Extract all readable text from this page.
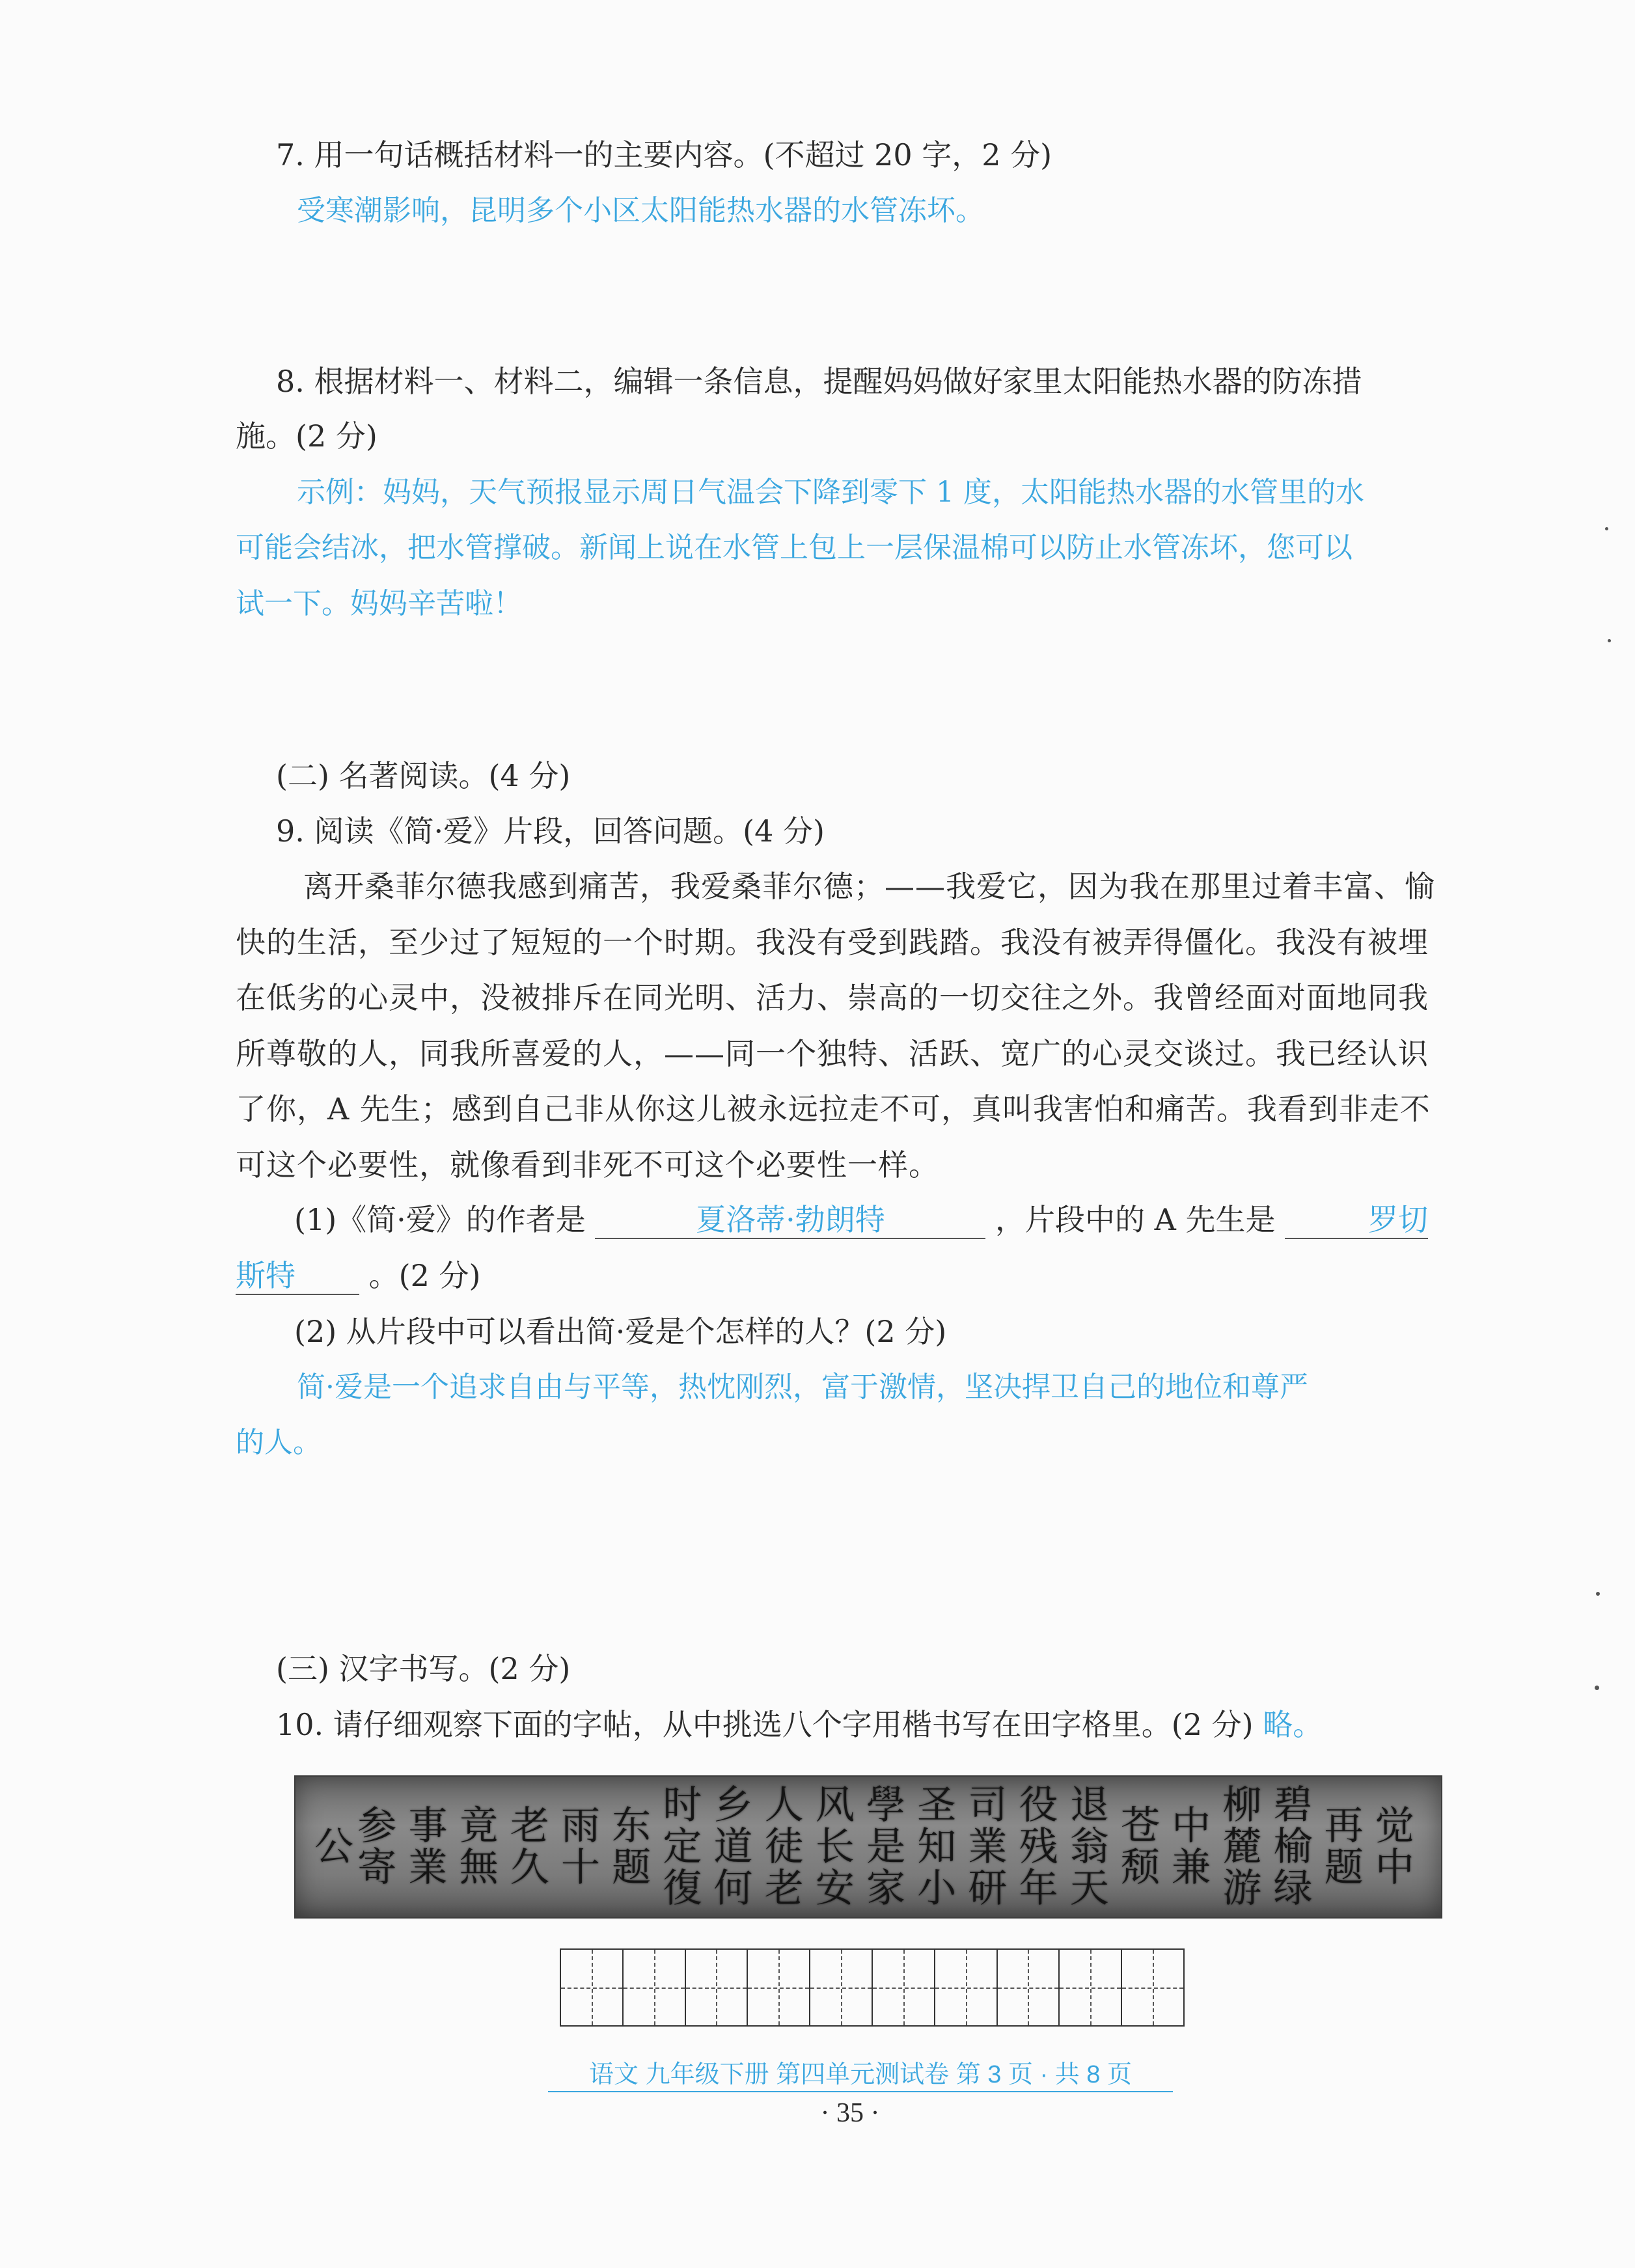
7. 用一句话概括材料一的主要内容。(不超过 20 字，2 分)
受寒潮影响，昆明多个小区太阳能热水器的水管冻坏。
8. 根据材料一、材料二，编辑一条信息，提醒妈妈做好家里太阳能热水器的防冻措
施。(2 分)
示例：妈妈，天气预报显示周日气温会下降到零下 1 度，太阳能热水器的水管里的水
可能会结冰，把水管撑破。新闻上说在水管上包上一层保温棉可以防止水管冻坏，您可以
试一下。妈妈辛苦啦！
(二) 名著阅读。(4 分)
9. 阅读《简·爱》片段，回答问题。(4 分)
离开桑菲尔德我感到痛苦，我爱桑菲尔德；——我爱它，因为我在那里过着丰富、愉
快的生活，至少过了短短的一个时期。我没有受到践踏。我没有被弄得僵化。我没有被埋
在低劣的心灵中，没被排斥在同光明、活力、崇高的一切交往之外。我曾经面对面地同我
所尊敬的人，同我所喜爱的人，——同一个独特、活跃、宽广的心灵交谈过。我已经认识
了你，A 先生；感到自己非从你这儿被永远拉走不可，真叫我害怕和痛苦。我看到非走不
可这个必要性，就像看到非死不可这个必要性一样。
(1)《简·爱》的作者是	夏洛蒂·勃朗特	，片段中的 A 先生是	罗切
斯特 。(2 分)
(2) 从片段中可以看出简·爱是个怎样的人？(2 分)
简·爱是一个追求自由与平等，热忱刚烈，富于激情，坚决捍卫自己的地位和尊严
的人。
(三) 汉字书写。(2 分)
10. 请仔细观察下面的字帖，从中挑选八个字用楷书写在田字格里。(2 分) 略。
觉中
再题
碧榆绿
柳麓游
中兼
苍颓
退翁天
役残年
司業研
圣知小
學是家
风长安
人徒老
乡道何
时定復
东题
雨十
老久
竟無
事業
参寄
公
语文 九年级下册 第四单元测试卷 第 3 页 · 共 8 页
· 35 ·
